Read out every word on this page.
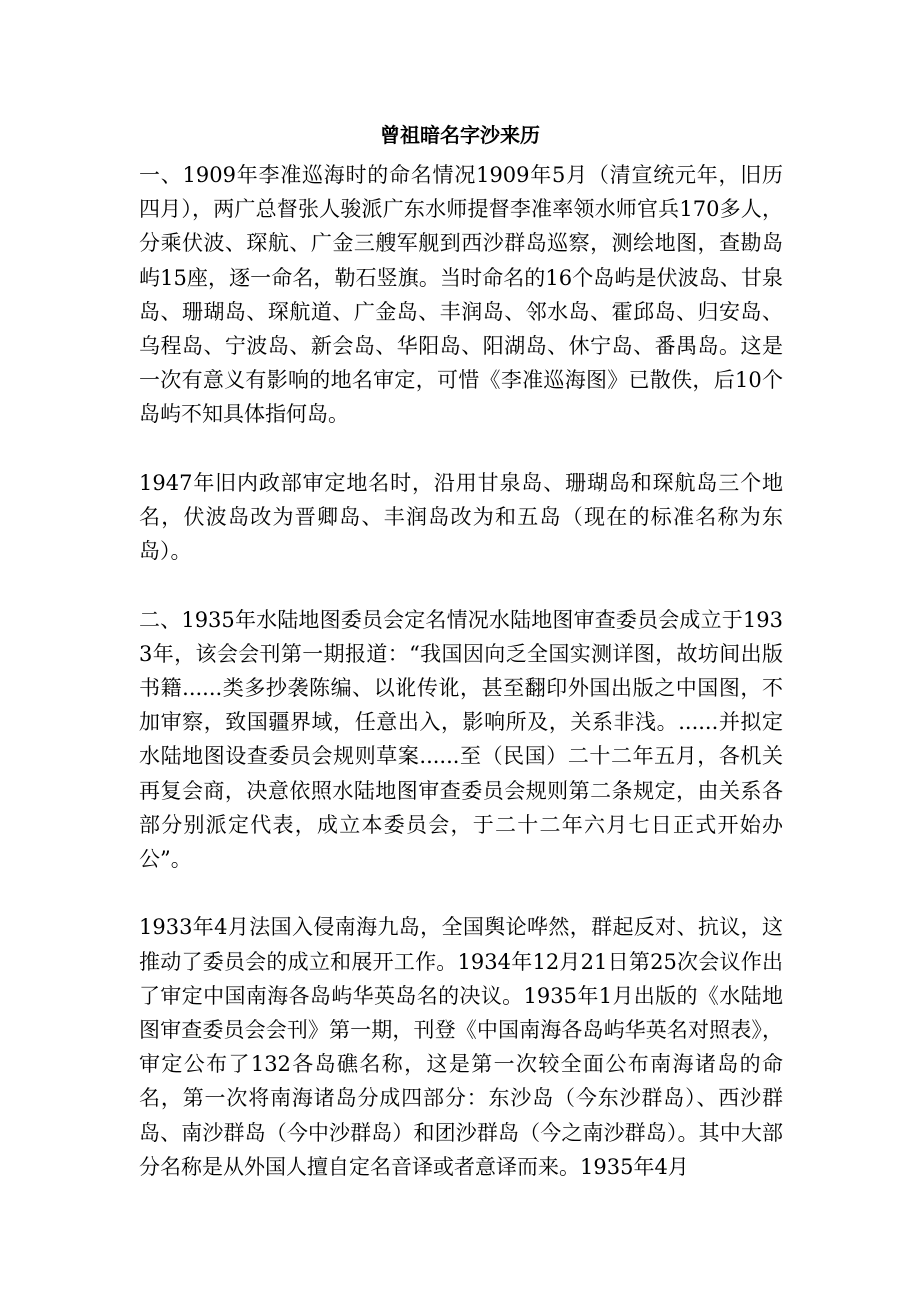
曾祖暗名字沙来历

一、1909年李准巡海时的命名情况1909年5月（清宣统元年，旧历四月），两广总督张人骏派广东水师提督李准率领水师官兵170多人，分乘伏波、琛航、广金三艘军舰到西沙群岛巡察，测绘地图，查勘岛屿15座，逐一命名，勒石竖旗。当时命名的16个岛屿是伏波岛、甘泉岛、珊瑚岛、琛航道、广金岛、丰润岛、邻水岛、霍邱岛、归安岛、乌程岛、宁波岛、新会岛、华阳岛、阳湖岛、休宁岛、番禺岛。这是一次有意义有影响的地名审定，可惜《李准巡海图》已散佚，后10个岛屿不知具体指何岛。

1947年旧内政部审定地名时，沿用甘泉岛、珊瑚岛和琛航岛三个地名，伏波岛改为晋卿岛、丰润岛改为和五岛（现在的标准名称为东岛）。

二、1935年水陆地图委员会定名情况水陆地图审查委员会成立于1933年，该会会刊第一期报道：“我国因向乏全国实测详图，故坊间出版书籍......类多抄袭陈编、以讹传讹，甚至翻印外国出版之中国图，不加审察，致国疆界域，任意出入，影响所及，关系非浅。......并拟定水陆地图设查委员会规则草案......至（民国）二十二年五月，各机关再复会商，决意依照水陆地图审查委员会规则第二条规定，由关系各部分别派定代表，成立本委员会，于二十二年六月七日正式开始办公”。

1933年4月法国入侵南海九岛，全国舆论哗然，群起反对、抗议，这推动了委员会的成立和展开工作。1934年12月21日第25次会议作出了审定中国南海各岛屿华英岛名的决议。1935年1月出版的《水陆地图审查委员会会刊》第一期，刊登《中国南海各岛屿华英名对照表》，审定公布了132各岛礁名称，这是第一次较全面公布南海诸岛的命名，第一次将南海诸岛分成四部分：东沙岛（今东沙群岛）、西沙群岛、南沙群岛（今中沙群岛）和团沙群岛（今之南沙群岛）。其中大部分名称是从外国人擅自定名音译或者意译而来。1935年4月
